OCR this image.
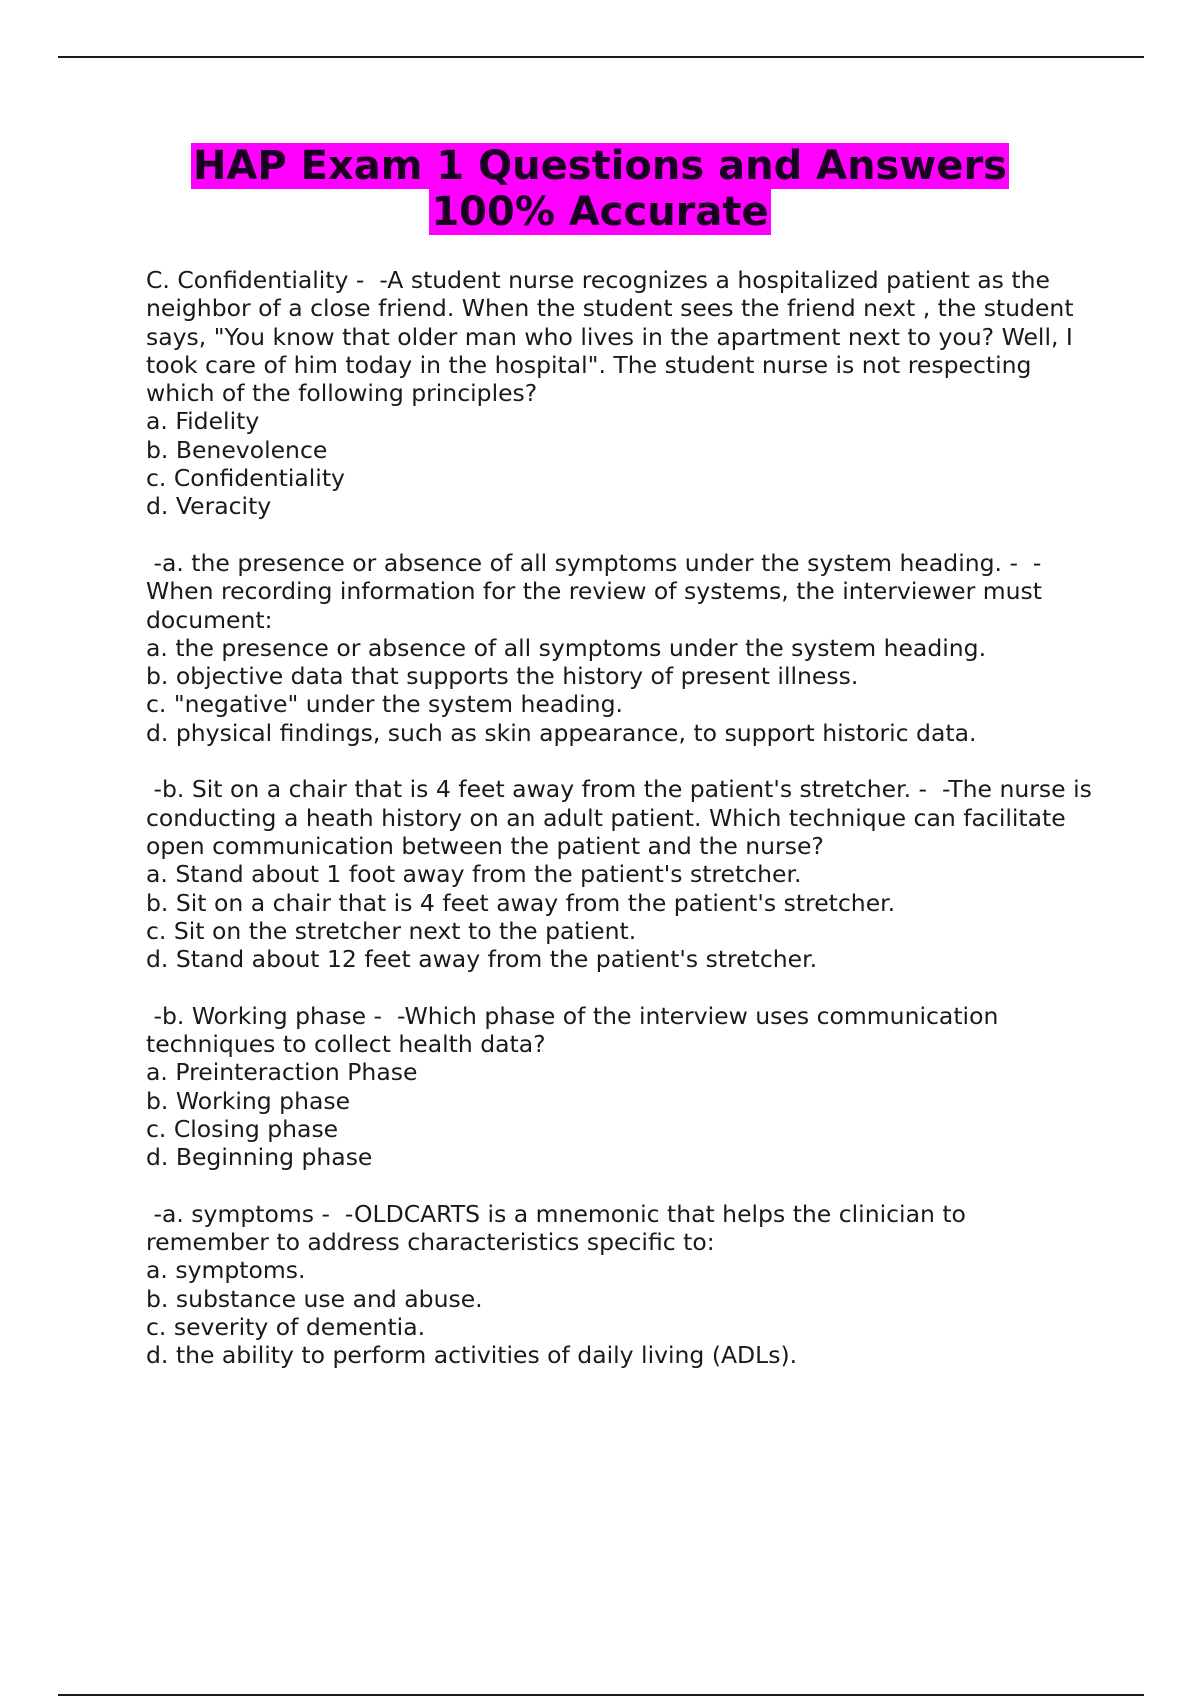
HAP Exam 1 Questions and Answers
100% Accurate

C. Confidentiality -  -A student nurse recognizes a hospitalized patient as the neighbor of a close friend. When the student sees the friend next , the student says, "You know that older man who lives in the apartment next to you? Well, I took care of him today in the hospital". The student nurse is not respecting which of the following principles?

a. Fidelity
b. Benevolence
c. Confidentiality
d. Veracity

-a. the presence or absence of all symptoms under the system heading. -  -When recording information for the review of systems, the interviewer must document:

a. the presence or absence of all symptoms under the system heading.
b. objective data that supports the history of present illness.
c. "negative" under the system heading.
d. physical findings, such as skin appearance, to support historic data.

-b. Sit on a chair that is 4 feet away from the patient's stretcher. -  -The nurse is conducting a heath history on an adult patient. Which technique can facilitate open communication between the patient and the nurse?

a. Stand about 1 foot away from the patient's stretcher.
b. Sit on a chair that is 4 feet away from the patient's stretcher.
c. Sit on the stretcher next to the patient.
d. Stand about 12 feet away from the patient's stretcher.

-b. Working phase -  -Which phase of the interview uses communication techniques to collect health data?

a. Preinteraction Phase
b. Working phase
c. Closing phase
d. Beginning phase

-a. symptoms -  -OLDCARTS is a mnemonic that helps the clinician to remember to address characteristics specific to:

a. symptoms.
b. substance use and abuse.
c. severity of dementia.
d. the ability to perform activities of daily living (ADLs).
